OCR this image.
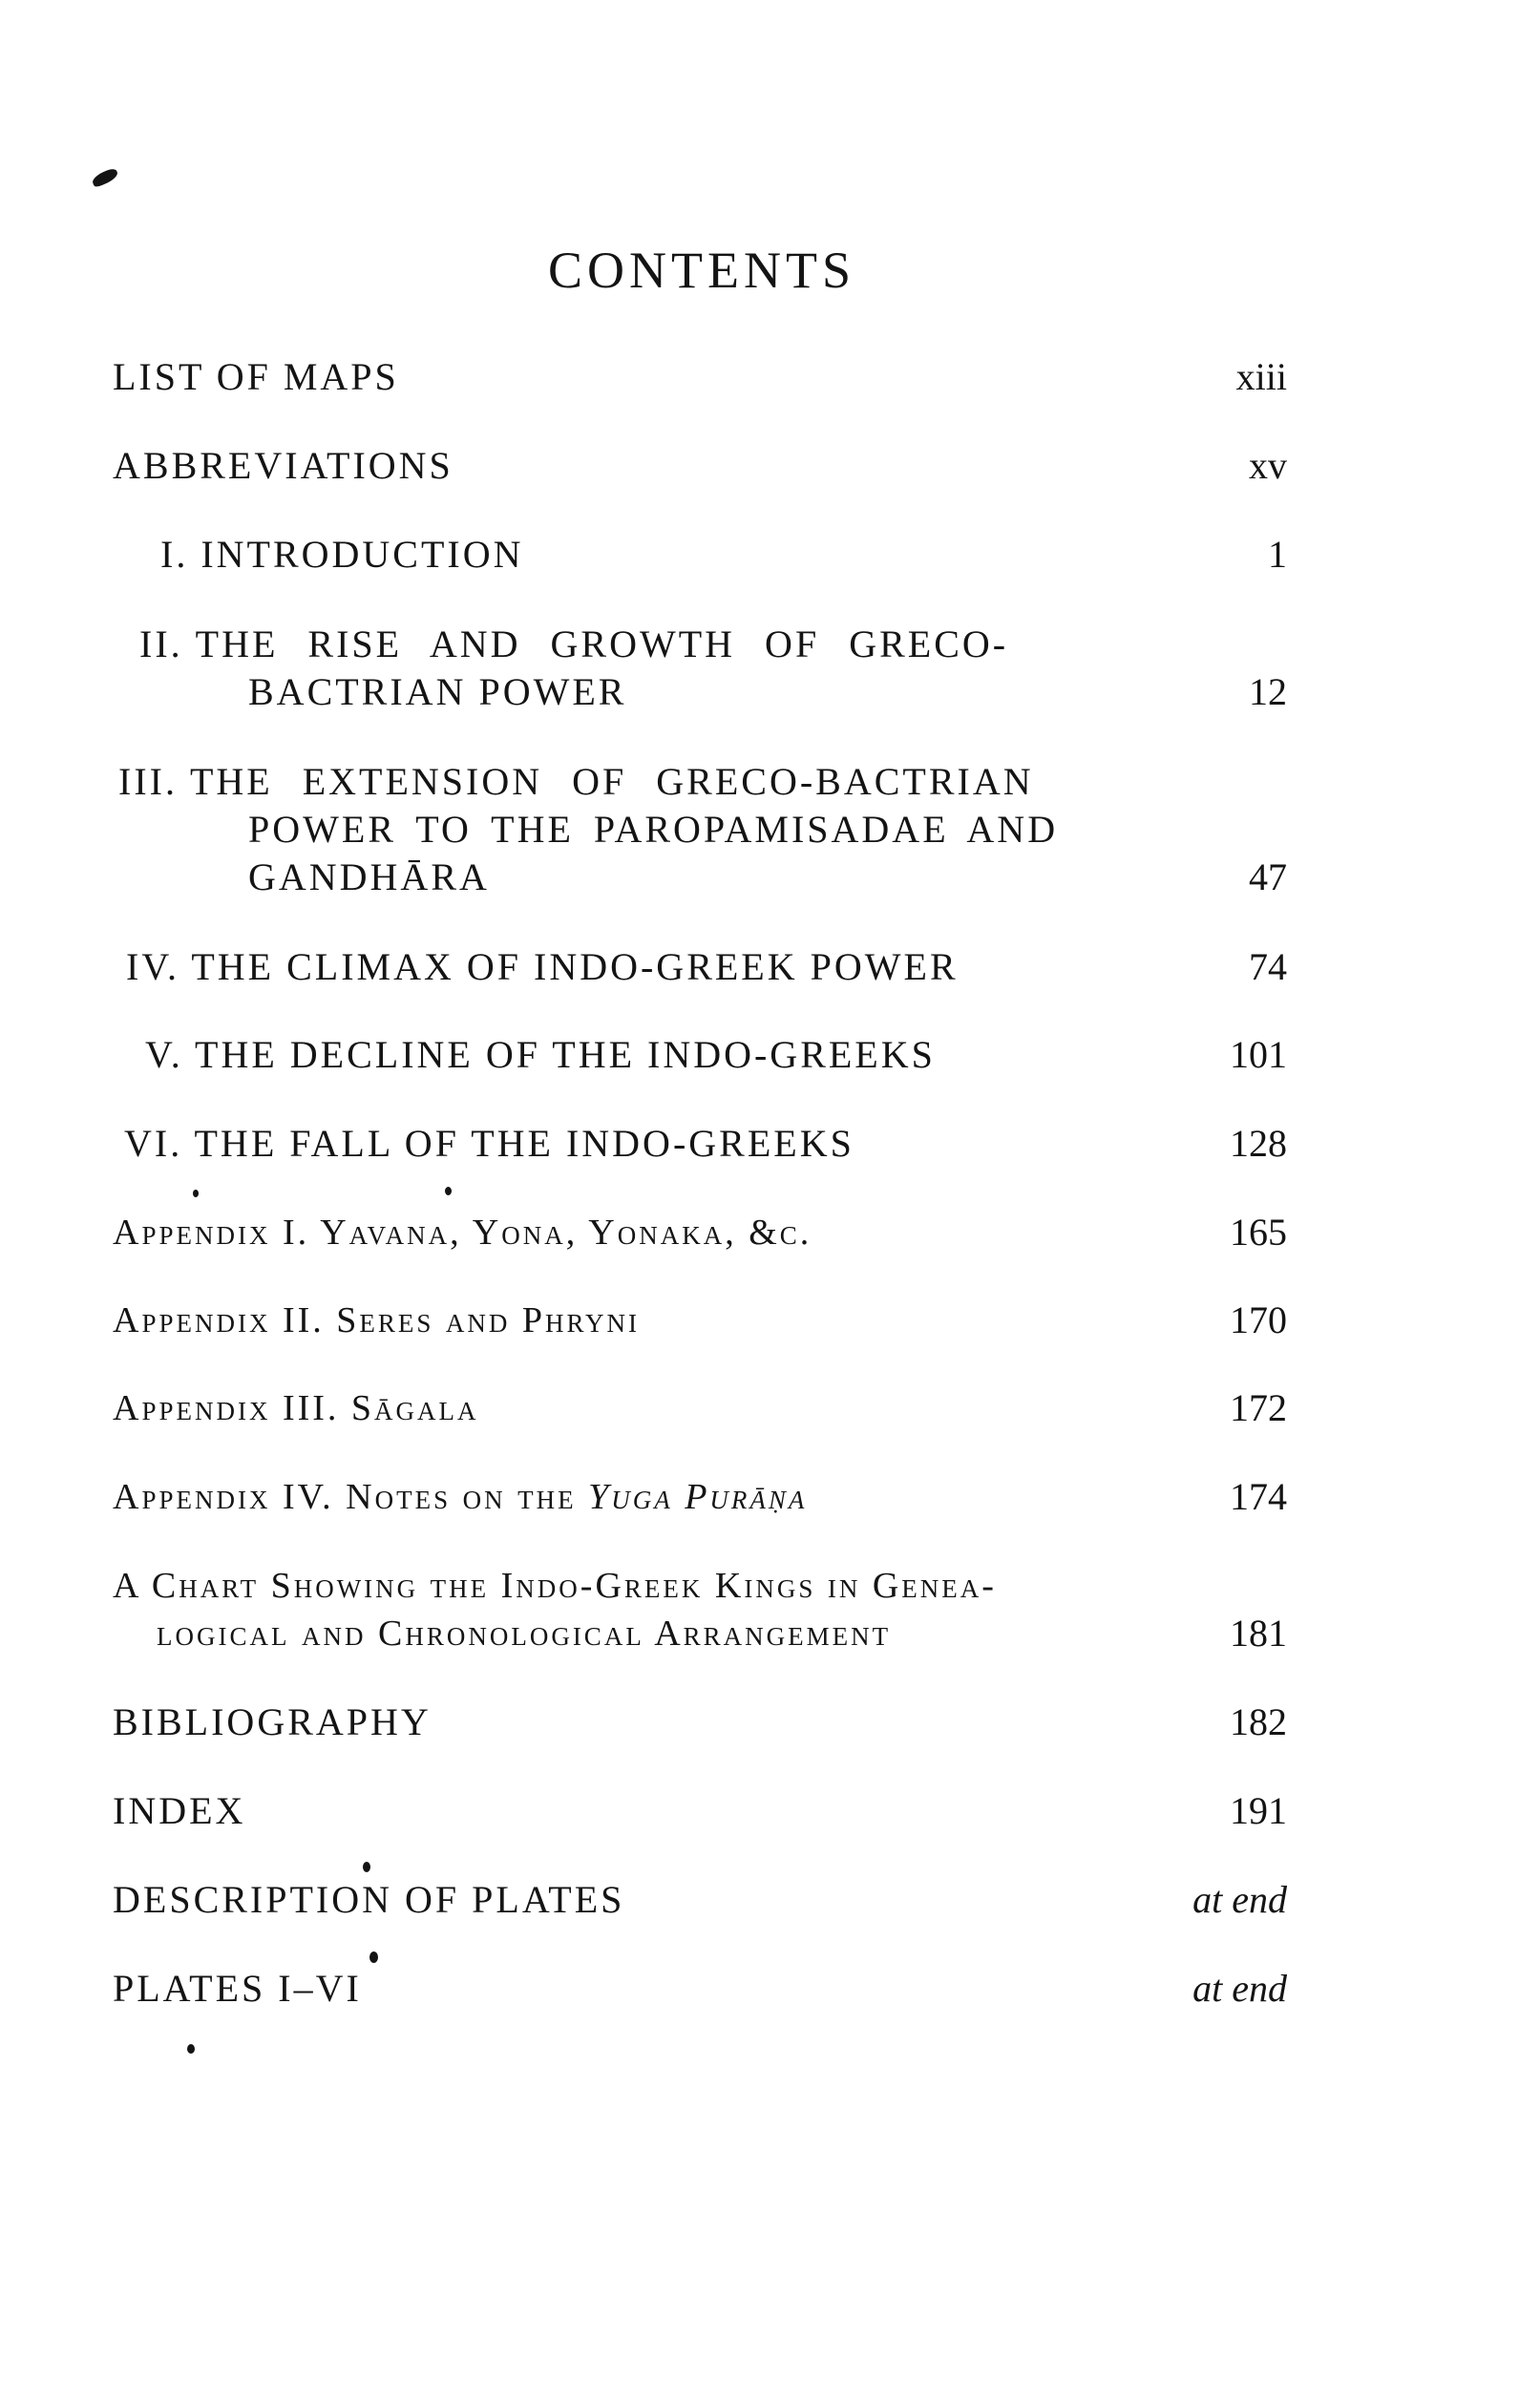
CONTENTS
LIST OF MAPS	xiii
ABBREVIATIONS	xv
I. INTRODUCTION	1
II. THE RISE AND GROWTH OF GRECO-
BACTRIAN POWER	12
III. THE EXTENSION OF GRECO-BACTRIAN
POWER TO THE PAROPAMISADAE AND
GANDHĀRA	47
IV. THE CLIMAX OF INDO-GREEK POWER	74
V. THE DECLINE OF THE INDO-GREEKS	101
VI. THE FALL OF THE INDO-GREEKS	128
Appendix I. Yavana, Yona, Yonaka, &c.	165
Appendix II. Seres and Phryni	170
Appendix III. Sāgala	172
Appendix IV. Notes on the Yuga Purāṇa	174
A Chart Showing the Indo-Greek Kings in Genea-
logical and Chronological Arrangement	181
BIBLIOGRAPHY	182
INDEX	191
DESCRIPTION OF PLATES	at end
PLATES I–VI	at end
